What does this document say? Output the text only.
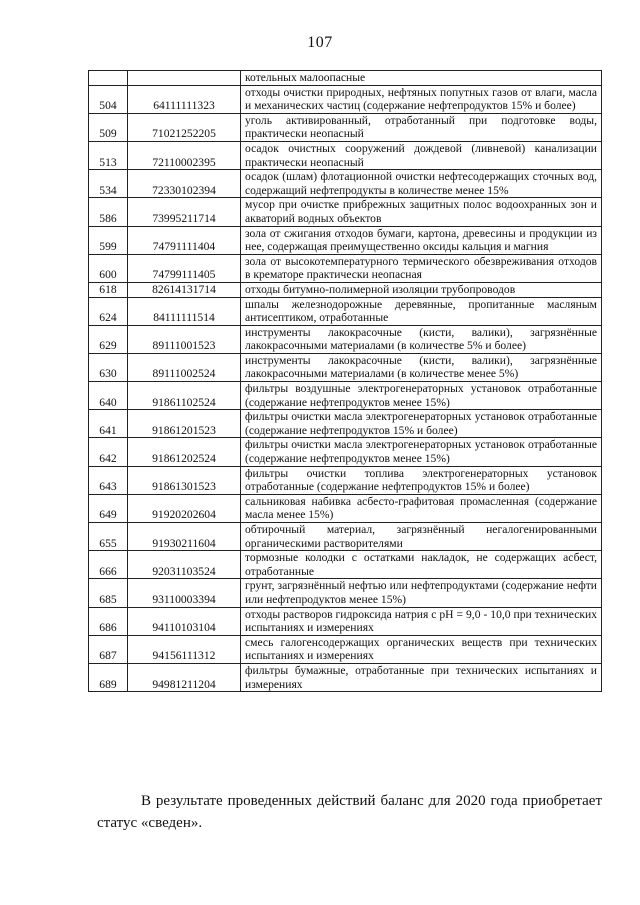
107
		котельных малоопасные
504	64111111323	отходы очистки природных, нефтяных попутных газов от влаги, масла и механических частиц (содержание нефтепродуктов 15% и более)
509	71021252205	уголь активированный, отработанный при подготовке воды, практически неопасный
513	72110002395	осадок очистных сооружений дождевой (ливневой) канализации практически неопасный
534	72330102394	осадок (шлам) флотационной очистки нефтесодержащих сточных вод, содержащий нефтепродукты в количестве менее 15%
586	73995211714	мусор при очистке прибрежных защитных полос водоохранных зон и акваторий водных объектов
599	74791111404	зола от сжигания отходов бумаги, картона, древесины и продукции из нее, содержащая преимущественно оксиды кальция и магния
600	74799111405	зола от высокотемпературного термического обезвреживания отходов в крематоре практически неопасная
618	82614131714	отходы битумно-полимерной изоляции трубопроводов
624	84111111514	шпалы железнодорожные деревянные, пропитанные масляным антисептиком, отработанные
629	89111001523	инструменты лакокрасочные (кисти, валики), загрязнённые лакокрасочными материалами (в количестве 5% и более)
630	89111002524	инструменты лакокрасочные (кисти, валики), загрязнённые лакокрасочными материалами (в количестве менее 5%)
640	91861102524	фильтры воздушные электрогенераторных установок отработанные (содержание нефтепродуктов менее 15%)
641	91861201523	фильтры очистки масла электрогенераторных установок отработанные (содержание нефтепродуктов 15% и более)
642	91861202524	фильтры очистки масла электрогенераторных установок отработанные (содержание нефтепродуктов менее 15%)
643	91861301523	фильтры очистки топлива электрогенераторных установок отработанные (содержание нефтепродуктов 15% и более)
649	91920202604	сальниковая набивка асбесто-графитовая промасленная (содержание масла менее 15%)
655	91930211604	обтирочный материал, загрязнённый негалогенированными органическими растворителями
666	92031103524	тормозные колодки с остатками накладок, не содержащих асбест, отработанные
685	93110003394	грунт, загрязнённый нефтью или нефтепродуктами (содержание нефти или нефтепродуктов менее 15%)
686	94110103104	отходы растворов гидроксида натрия с pH = 9,0 - 10,0 при технических испытаниях и измерениях
687	94156111312	смесь галогенсодержащих органических веществ при технических испытаниях и измерениях
689	94981211204	фильтры бумажные, отработанные при технических испытаниях и измерениях

В результате проведенных действий баланс для 2020 года приобретает статус «сведен».
